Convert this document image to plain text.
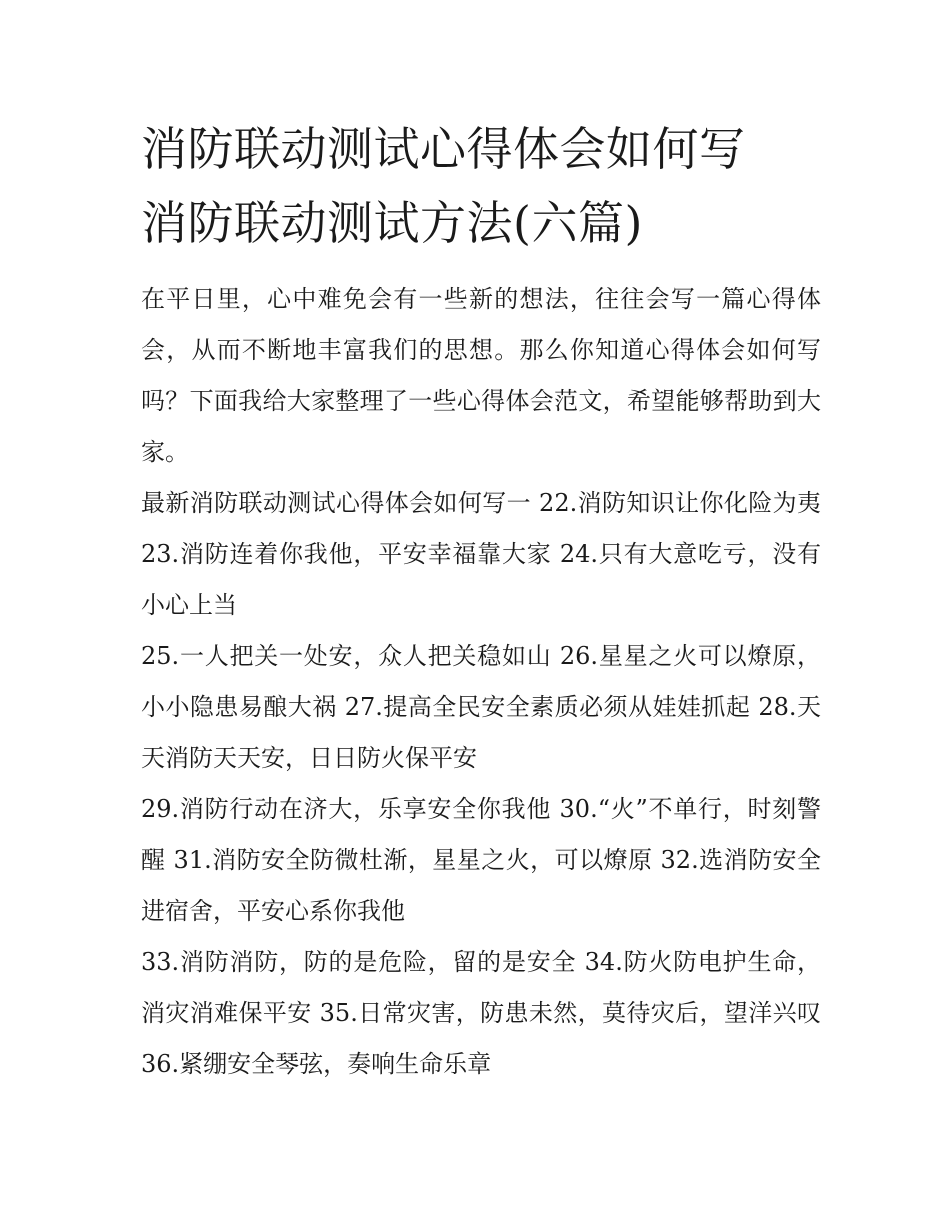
消防联动测试心得体会如何写
消防联动测试方法(六篇)

在平日里，心中难免会有一些新的想法，往往会写一篇心得体会，从而不断地丰富我们的思想。那么你知道心得体会如何写吗？下面我给大家整理了一些心得体会范文，希望能够帮助到大家。

最新消防联动测试心得体会如何写一 22.消防知识让你化险为夷 23.消防连着你我他，平安幸福靠大家 24.只有大意吃亏，没有小心上当

25.一人把关一处安，众人把关稳如山 26.星星之火可以燎原，小小隐患易酿大祸 27.提高全民安全素质必须从娃娃抓起 28.天天消防天天安，日日防火保平安

29.消防行动在济大，乐享安全你我他 30.“火”不单行，时刻警醒 31.消防安全防微杜渐，星星之火，可以燎原 32.选消防安全进宿舍，平安心系你我他

33.消防消防，防的是危险，留的是安全 34.防火防电护生命，消灾消难保平安 35.日常灾害，防患未然，莫待灾后，望洋兴叹 36.紧绷安全琴弦，奏响生命乐章
